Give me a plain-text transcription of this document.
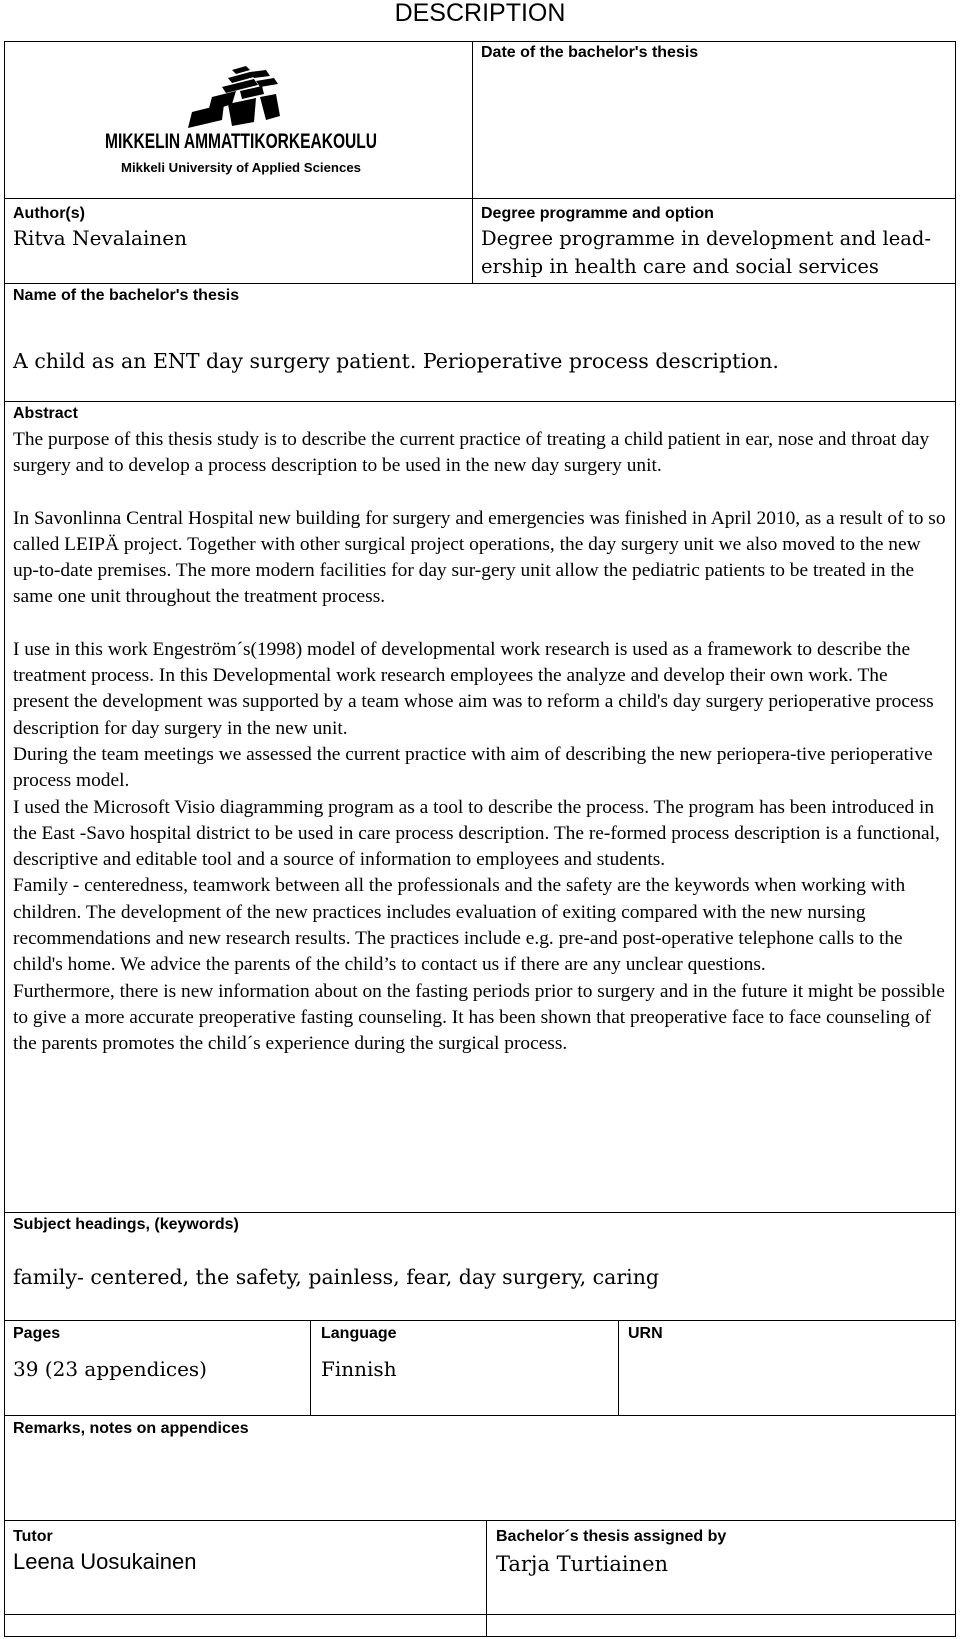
DESCRIPTION
MIKKELIN AMMATTIKORKEAKOULU
Mikkeli University of Applied Sciences
Date of the bachelor's thesis
Author(s)
Ritva Nevalainen
Degree programme and option
Degree programme in development and lead-
ership in health care and social services
Name of the bachelor's thesis
A child as an ENT day surgery patient. Perioperative process description.
Abstract

The purpose of this thesis study is to describe the current practice of treating a child patient in ear, nose and throat day surgery and to develop a process description to be used in the new day surgery unit.

In Savonlinna Central Hospital new building for surgery and emergencies was finished in April 2010, as a result of to so called LEIPÄ project. Together with other surgical project operations, the day surgery unit we also moved to the new up-to-date premises. The more modern facilities for day sur-gery unit allow the pediatric patients to be treated in the same one unit throughout the treatment process.

I use in this work Engeström´s(1998) model of developmental work research is used as a framework to describe the treatment process. In this Developmental work research employees the analyze and develop their own work. The present the development was supported by a team whose aim was to reform a child's day surgery perioperative process description for day surgery in the new unit.

During the team meetings we assessed the current practice with aim of describing the new periopera-tive perioperative process model.

I used the Microsoft Visio diagramming program as a tool to describe the process. The program has been introduced in the East -Savo hospital district to be used in care process description. The re-formed process description is a functional, descriptive and editable tool and a source of information to employees and students.

Family - centeredness, teamwork between all the professionals and the safety are the keywords when working with children. The development of the new practices includes evaluation of exiting compared with the new nursing recommendations and new research results. The practices include e.g. pre-and post-operative telephone calls to the child's home. We advice the parents of the child’s to contact us if there are any unclear questions.

Furthermore, there is new information about on the fasting periods prior to surgery and in the future it might be possible to give a more accurate preoperative fasting counseling. It has been shown that preoperative face to face counseling of the parents promotes the child´s experience during the surgical process.

Subject headings, (keywords)
family- centered, the safety, painless, fear, day surgery, caring
Pages
39 (23 appendices)
Language
Finnish
URN
Remarks, notes on appendices
Tutor
Leena Uosukainen
Bachelor´s thesis assigned by
Tarja Turtiainen
